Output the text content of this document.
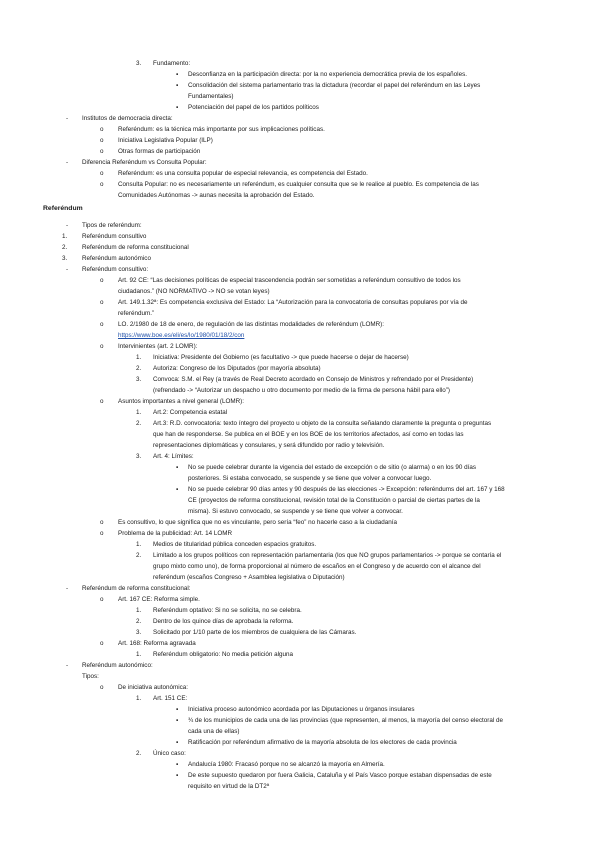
3. Fundamento:
▪ Desconfianza en la participación directa: por la no experiencia democrática previa de los españoles.
▪ Consolidación del sistema parlamentario tras la dictadura (recordar el papel del referéndum en las Leyes
Fundamentales)
▪ Potenciación del papel de los partidos políticos
- Institutos de democracia directa:
o Referéndum: es la técnica más importante por sus implicaciones políticas.
o Iniciativa Legislativa Popular (ILP)
o Otras formas de participación
- Diferencia Referéndum vs Consulta Popular:
o Referéndum: es una consulta popular de especial relevancia, es competencia del Estado.
o Consulta Popular: no es necesariamente un referéndum, es cualquier consulta que se le realice al pueblo. Es competencia de las
Comunidades Autónomas -> aunas necesita la aprobación del Estado.
Referéndum
- Tipos de referéndum:
1. Referéndum consultivo
2. Referéndum de reforma constitucional
3. Referéndum autonómico
- Referéndum consultivo:
o Art. 92 CE: “Las decisiones políticas de especial trascendencia podrán ser sometidas a referéndum consultivo de todos los
ciudadanos.” (NO NORMATIVO -> NO se votan leyes)
o Art. 149.1.32ª: Es competencia exclusiva del Estado: La “Autorización para la convocatoria de consultas populares por vía de
referéndum.”
o LO. 2/1980 de 18 de enero, de regulación de las distintas modalidades de referéndum (LOMR):
https://www.boe.es/eli/es/lo/1980/01/18/2/con
o Intervinientes (art. 2 LOMR):
1. Iniciativa: Presidente del Gobierno (es facultativo -> que puede hacerse o dejar de hacerse)
2. Autoriza: Congreso de los Diputados (por mayoría absoluta)
3. Convoca: S.M. el Rey (a través de Real Decreto acordado en Consejo de Ministros y refrendado por el Presidente)
(refrendado -> “Autorizar un despacho u otro documento por medio de la firma de persona hábil para ello”)
o Asuntos importantes a nivel general (LOMR):
1. Art.2: Competencia estatal
2. Art.3: R.D. convocatoria: texto íntegro del proyecto u objeto de la consulta señalando claramente la pregunta o preguntas
que han de responderse. Se publica en el BOE y en los BOE de los territorios afectados, así como en todas las
representaciones diplomáticas y consulares, y será difundido por radio y televisión.
3. Art. 4: Límites:
▪ No se puede celebrar durante la vigencia del estado de excepción o de sitio (o alarma) o en los 90 días
posteriores. Si estaba convocado, se suspende y se tiene que volver a convocar luego.
▪ No se puede celebrar 90 días antes y 90 después de las elecciones -> Excepción: referéndums del art. 167 y 168
CE (proyectos de reforma constitucional, revisión total de la Constitución o parcial de ciertas partes de la
misma). Si estuvo convocado, se suspende y se tiene que volver a convocar.
o Es consultivo, lo que significa que no es vinculante, pero sería “feo” no hacerle caso a la ciudadanía
o Problema de la publicidad: Art. 14 LOMR
1. Medios de titularidad pública conceden espacios gratuitos.
2. Limitado a los grupos políticos con representación parlamentaria (los que NO grupos parlamentarios -> porque se contaría el
grupo mixto como uno), de forma proporcional al número de escaños en el Congreso y de acuerdo con el alcance del
referéndum (escaños Congreso + Asamblea legislativa o Diputación)
- Referéndum de reforma constitucional:
o Art. 167 CE: Reforma simple.
1. Referéndum optativo: Si no se solicita, no se celebra.
2. Dentro de los quince días de aprobada la reforma.
3. Solicitado por 1/10 parte de los miembros de cualquiera de las Cámaras.
o Art. 168: Reforma agravada
1. Referéndum obligatorio: No media petición alguna
- Referéndum autonómico:
Tipos:
o De iniciativa autonómica:
1. Art. 151 CE:
▪ Iniciativa proceso autonómico acordada por las Diputaciones u órganos insulares
▪ ¾ de los municipios de cada una de las provincias (que representen, al menos, la mayoría del censo electoral de
cada una de ellas)
▪ Ratificación por referéndum afirmativo de la mayoría absoluta de los electores de cada provincia
2. Único caso:
▪ Andalucía 1980: Fracasó porque no se alcanzó la mayoría en Almería.
▪ De este supuesto quedaron por fuera Galicia, Cataluña y el País Vasco porque estaban dispensadas de este
requisito en virtud de la DT2ª
